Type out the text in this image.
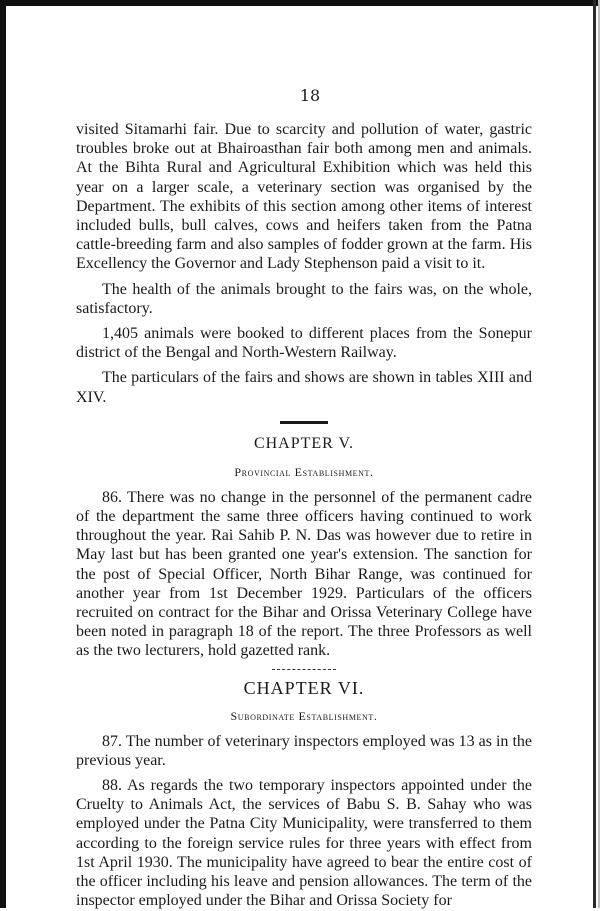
18

visited Sitamarhi fair. Due to scarcity and pollution of water, gastric troubles broke out at Bhairoasthan fair both among men and animals. At the Bihta Rural and Agricultural Exhibition which was held this year on a larger scale, a veterinary section was organised by the Department. The exhibits of this section among other items of interest included bulls, bull calves, cows and heifers taken from the Patna cattle-breeding farm and also samples of fodder grown at the farm. His Excellency the Governor and Lady Stephenson paid a visit to it.

The health of the animals brought to the fairs was, on the whole, satisfactory.

1,405 animals were booked to different places from the Sonepur district of the Bengal and North-Western Railway.

The particulars of the fairs and shows are shown in tables XIII and XIV.

CHAPTER V.
Provincial Establishment.

86. There was no change in the personnel of the permanent cadre of the department the same three officers having continued to work throughout the year. Rai Sahib P. N. Das was however due to retire in May last but has been granted one year's extension. The sanction for the post of Special Officer, North Bihar Range, was continued for another year from 1st December 1929. Particulars of the officers recruited on contract for the Bihar and Orissa Veterinary College have been noted in paragraph 18 of the report. The three Professors as well as the two lecturers, hold gazetted rank.

CHAPTER VI.
Subordinate Establishment.

87. The number of veterinary inspectors employed was 13 as in the previous year.

88. As regards the two temporary inspectors appointed under the Cruelty to Animals Act, the services of Babu S. B. Sahay who was employed under the Patna City Municipality, were transferred to them according to the foreign service rules for three years with effect from 1st April 1930. The municipality have agreed to bear the entire cost of the officer including his leave and pension allowances. The term of the inspector employed under the Bihar and Orissa Society for
